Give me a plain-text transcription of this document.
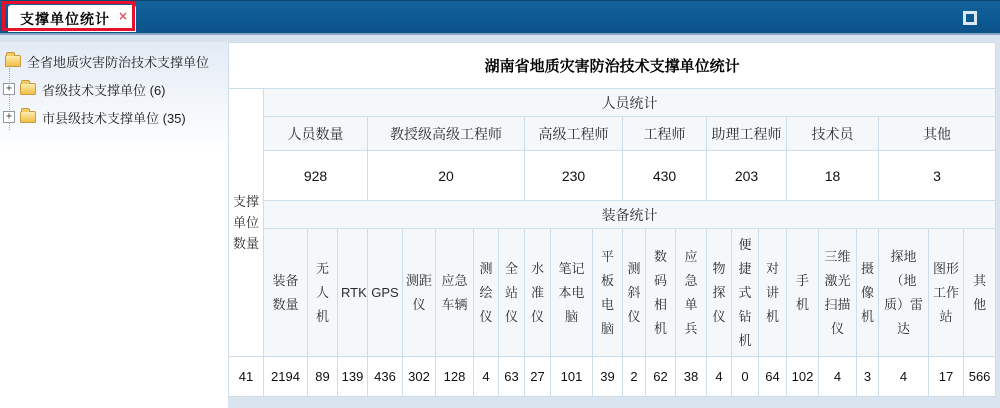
支撑单位统计 ×
全省地质灾害防治技术支撑单位
+ 省级技术支撑单位 (6)
+ 市县级技术支撑单位 (35)
湖南省地质灾害防治技术支撑单位统计																							
支撑单位数量	人员统计																						
	人员数量			教授级高级工程师					高级工程师			工程师			助理工程师			技术员			其他		
	928			20					230			430			203			18			3		
	装备统计																						
	装备数量	无人机	RTK	GPS	测距仪	应急车辆	测绘仪	全站仪	水准仪	笔记本电脑	平板电脑	测斜仪	数码相机	应急单兵	物探仪	便捷式钻机	对讲机	手机	三维激光扫描仪	摄像机	探地（地质）雷达	图形工作站	其他
41	2194	89	139	436	302	128	4	63	27	101	39	2	62	38	4	0	64	102	4	3	4	17	566
